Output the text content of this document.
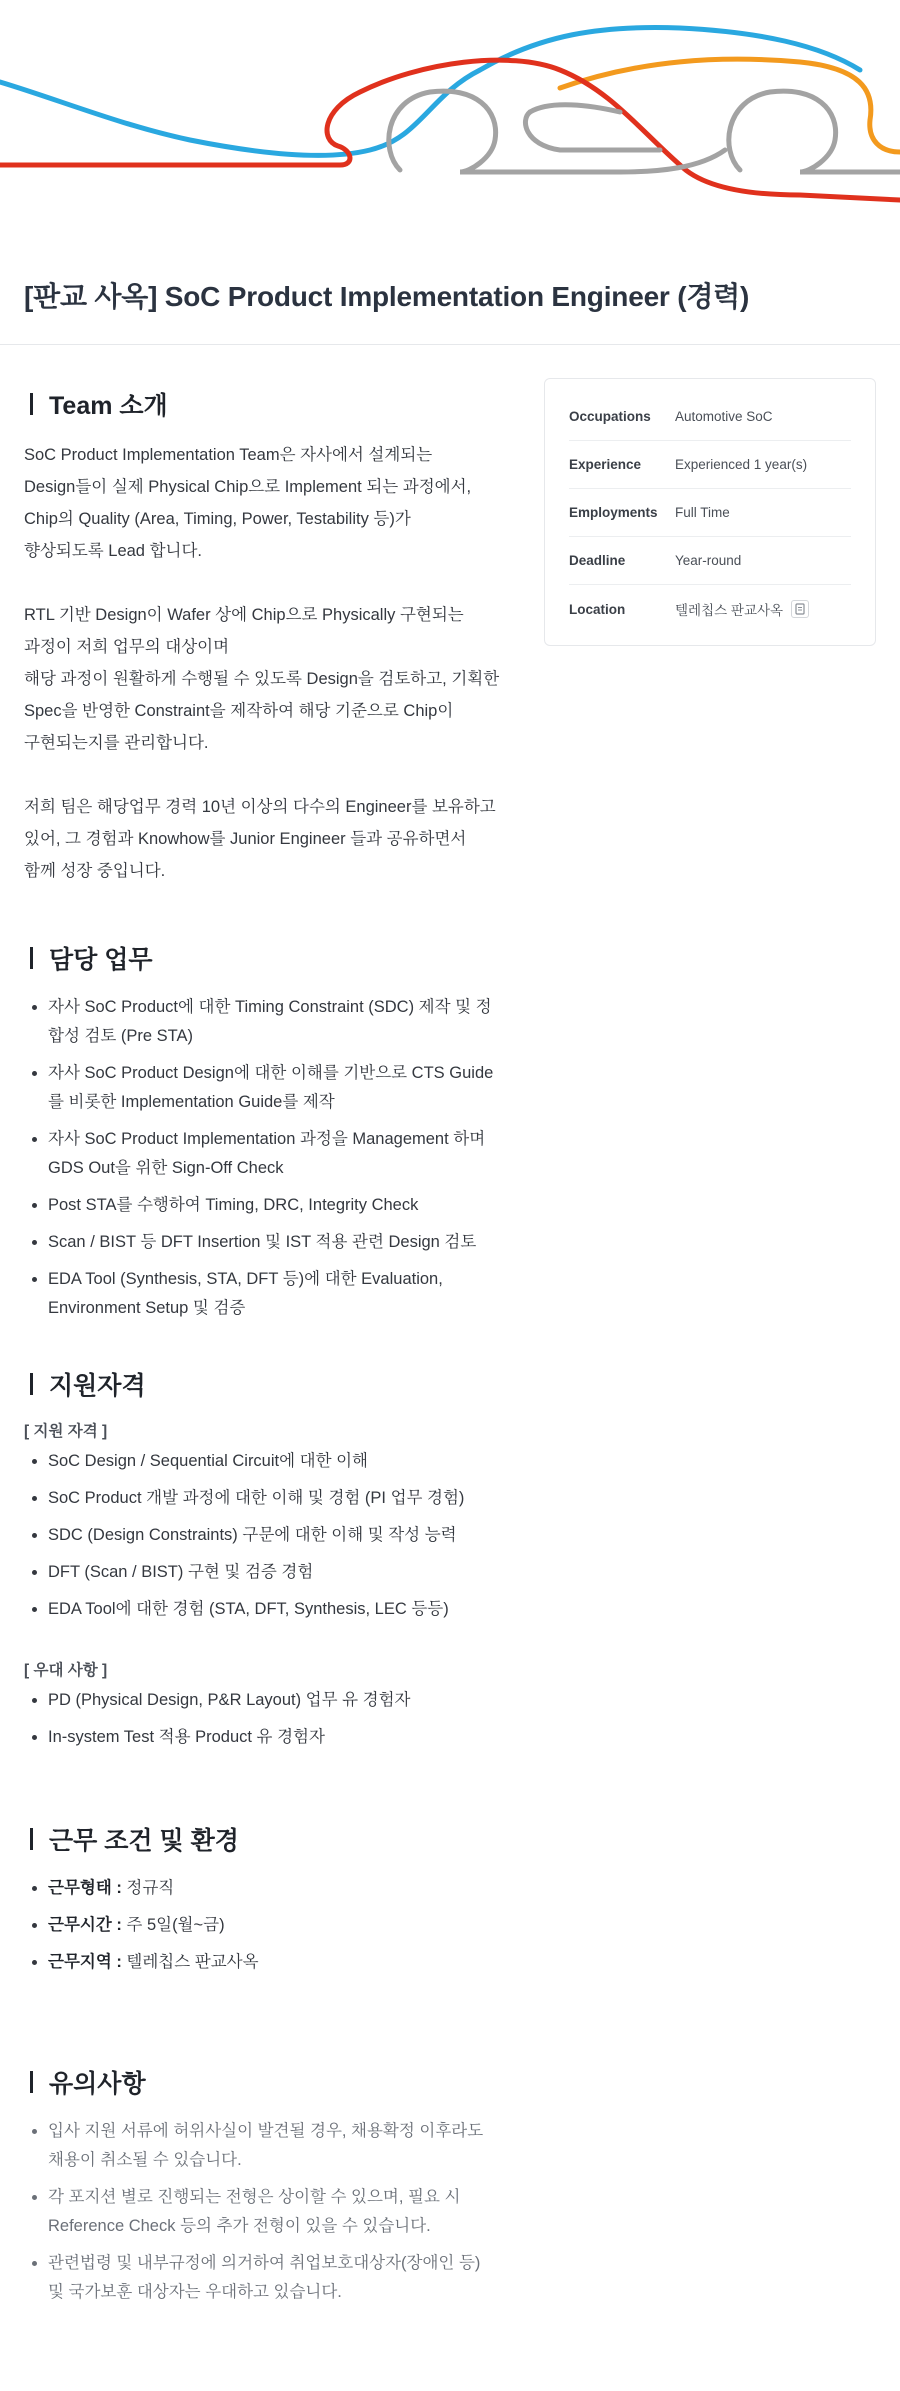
[판교 사옥] SoC Product Implementation Engineer (경력)
Team 소개

SoC Product Implementation Team은 자사에서 설계되는
Design들이 실제 Physical Chip으로 Implement 되는 과정에서,
Chip의 Quality (Area, Timing, Power, Testability 등)가
향상되도록 Lead 합니다.

RTL 기반 Design이 Wafer 상에 Chip으로 Physically 구현되는
과정이 저희 업무의 대상이며
해당 과정이 원활하게 수행될 수 있도록 Design을 검토하고, 기획한
Spec을 반영한 Constraint을 제작하여 해당 기준으로 Chip이
구현되는지를 관리합니다.

저희 팀은 해당업무 경력 10년 이상의 다수의 Engineer를 보유하고
있어, 그 경험과 Knowhow를 Junior Engineer 들과 공유하면서
함께 성장 중입니다.

담당 업무
자사 SoC Product에 대한 Timing Constraint (SDC) 제작 및 정합성 검토 (Pre STA)
자사 SoC Product Design에 대한 이해를 기반으로 CTS Guide를 비롯한 Implementation Guide를 제작
자사 SoC Product Implementation 과정을 Management 하며 GDS Out을 위한 Sign-Off Check
Post STA를 수행하여 Timing, DRC, Integrity Check
Scan / BIST 등 DFT Insertion 및 IST 적용 관련 Design 검토
EDA Tool (Synthesis, STA, DFT 등)에 대한 Evaluation, Environment Setup 및 검증
지원자격
[ 지원 자격 ]
SoC Design / Sequential Circuit에 대한 이해
SoC Product 개발 과정에 대한 이해 및 경험 (PI 업무 경험)
SDC (Design Constraints) 구문에 대한 이해 및 작성 능력
DFT (Scan / BIST) 구현 및 검증 경험
EDA Tool에 대한 경험 (STA, DFT, Synthesis, LEC 등등)
[ 우대 사항 ]
PD (Physical Design, P&R Layout) 업무 유 경험자
In-system Test 적용 Product 유 경험자
근무 조건 및 환경
근무형태 : 정규직
근무시간 : 주 5일(월~금)
근무지역 : 텔레칩스 판교사옥
유의사항
입사 지원 서류에 허위사실이 발견될 경우, 채용확정 이후라도 채용이 취소될 수 있습니다.
각 포지션 별로 진행되는 전형은 상이할 수 있으며, 필요 시 Reference Check 등의 추가 전형이 있을 수 있습니다.
관련법령 및 내부규정에 의거하여 취업보호대상자(장애인 등) 및 국가보훈 대상자는 우대하고 있습니다.
Occupations	Automotive SoC
Experience	Experienced 1 year(s)
Employments	Full Time
Deadline	Year-round
Location	텔레칩스 판교사옥
